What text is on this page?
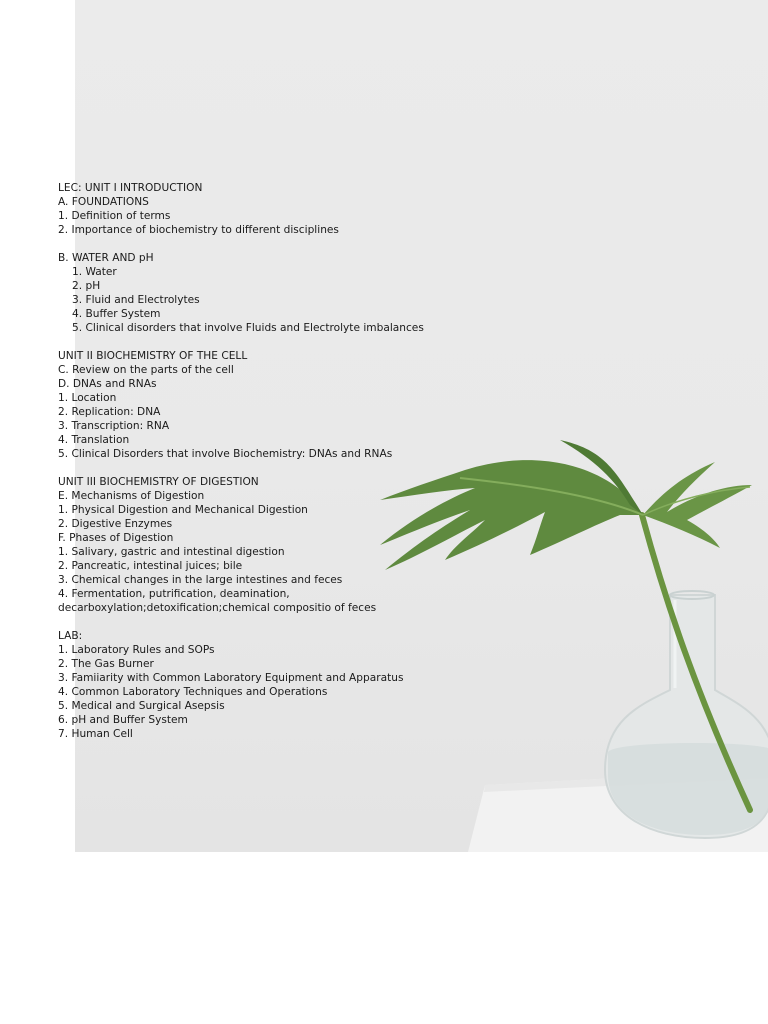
LEC: UNIT I INTRODUCTION
A. FOUNDATIONS
1. Definition of terms
2. Importance of biochemistry to different disciplines
B. WATER AND pH
1. Water
2. pH
3. Fluid and Electrolytes
4. Buffer System
5. Clinical disorders that involve Fluids and Electrolyte imbalances
UNIT II BIOCHEMISTRY OF THE CELL
C. Review on the parts of the cell
D. DNAs and RNAs
1. Location
2. Replication: DNA
3. Transcription: RNA
4. Translation
5. Clinical Disorders that involve Biochemistry: DNAs and RNAs
UNIT III BIOCHEMISTRY OF DIGESTION
E. Mechanisms of Digestion
1. Physical Digestion and Mechanical Digestion
2. Digestive Enzymes
F. Phases of Digestion
1. Salivary, gastric and intestinal digestion
2. Pancreatic, intestinal juices; bile
3. Chemical changes in the large intestines and feces
4. Fermentation, putrification, deamination,
decarboxylation;detoxification;chemical compositio of feces
LAB:
1. Laboratory Rules and SOPs
2. The Gas Burner
3. Famiiarity with Common Laboratory Equipment and Apparatus
4. Common Laboratory Techniques and Operations
5. Medical and Surgical Asepsis
6. pH and Buffer System
7. Human Cell
